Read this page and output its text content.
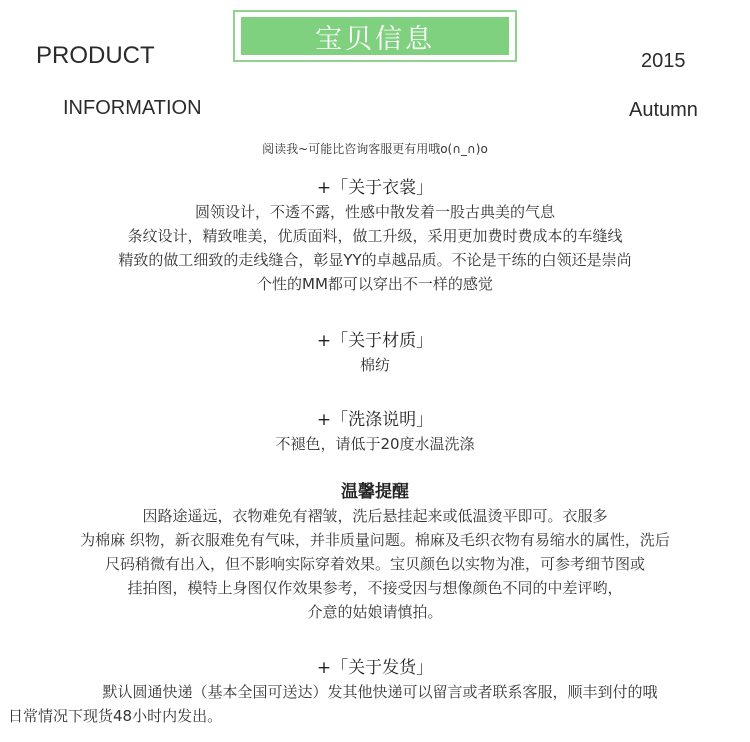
宝贝信息
PRODUCT
INFORMATION
2015
Autumn
阅读我~可能比咨询客服更有用哦o(∩_∩)o
+「关于衣裳」
圆领设计，不透不露，性感中散发着一股古典美的气息
条纹设计，精致唯美，优质面料，做工升级，采用更加费时费成本的车缝线
精致的做工细致的走线缝合，彰显YY的卓越品质。不论是干练的白领还是崇尚
个性的MM都可以穿出不一样的感觉
+「关于材质」
棉纺
+「洗涤说明」
不褪色，请低于20度水温洗涤
温馨提醒
因路途遥远，衣物难免有褶皱，洗后悬挂起来或低温烫平即可。衣服多
为棉麻 织物，新衣服难免有气味，并非质量问题。棉麻及毛织衣物有易缩水的属性，洗后
尺码稍微有出入，但不影响实际穿着效果。宝贝颜色以实物为准，可参考细节图或
挂拍图，模特上身图仅作效果参考，不接受因与想像颜色不同的中差评哟，
介意的姑娘请慎拍。
+「关于发货」
默认圆通快递（基本全国可送达）发其他快递可以留言或者联系客服，顺丰到付的哦
日常情况下现货48小时内发出。
